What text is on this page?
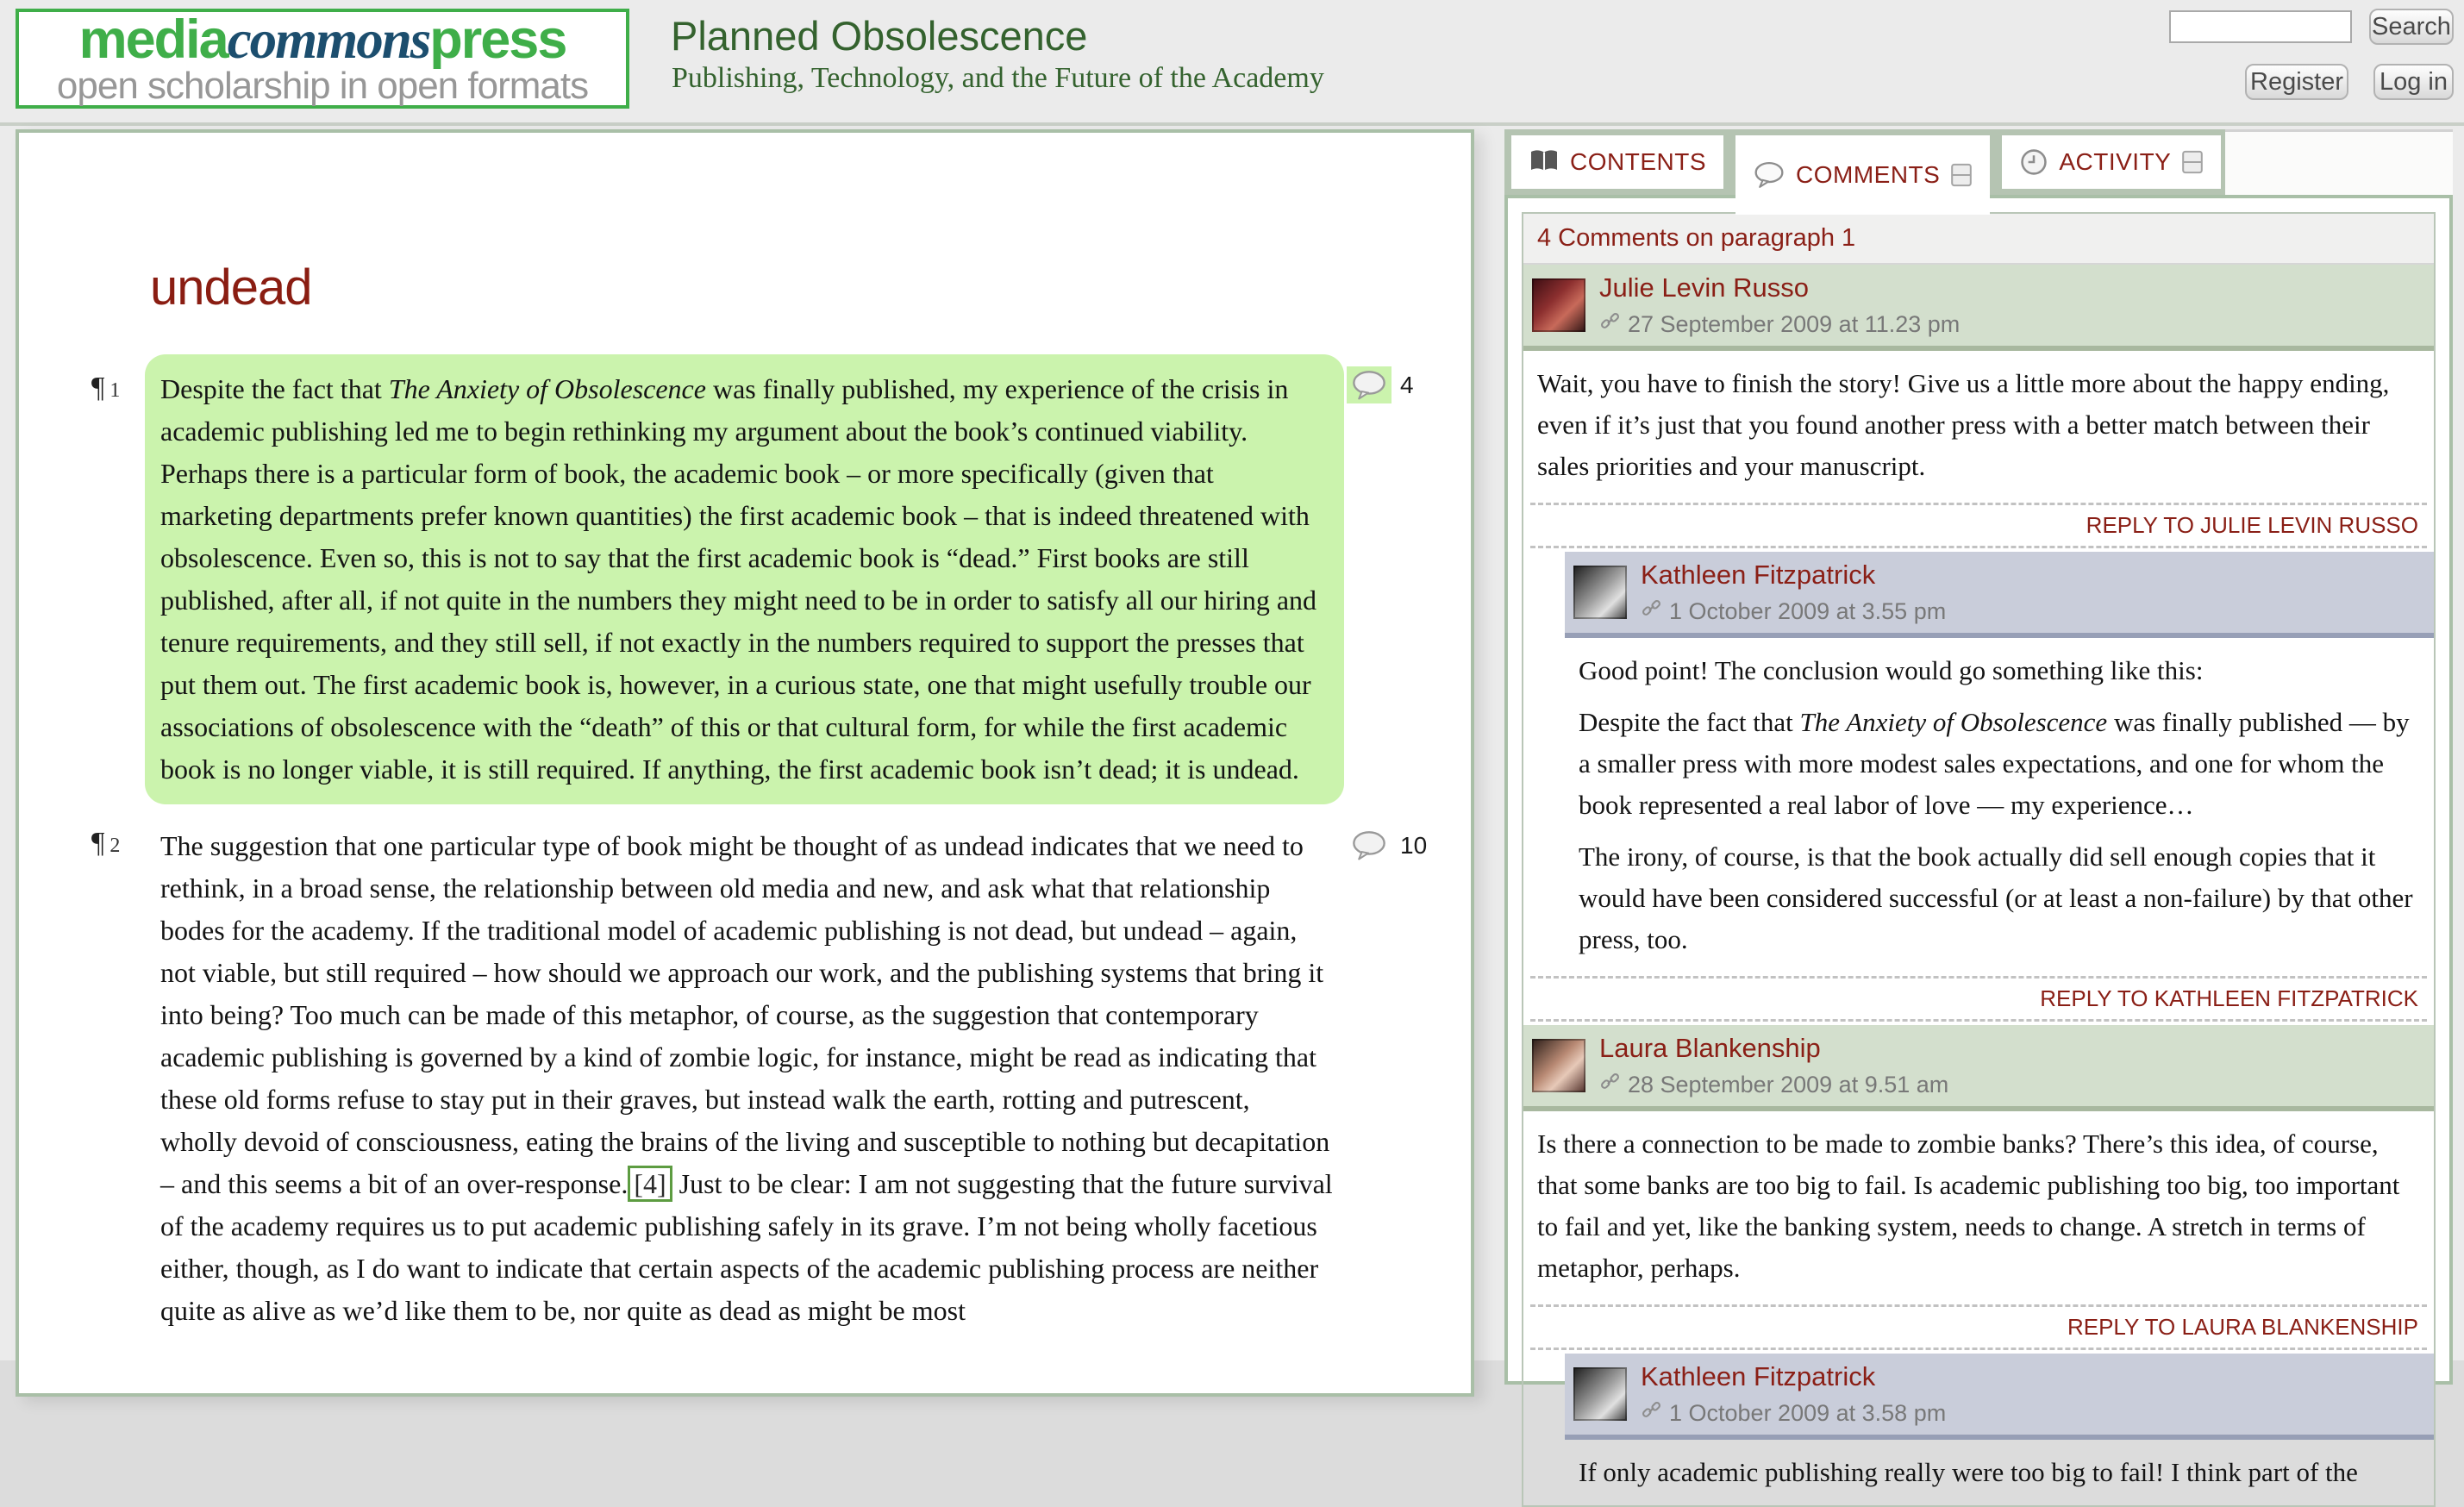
mediacommonspress
open scholarship in open formats
Planned Obsolescence
Publishing, Technology, and the Future of the Academy
Search
Register Log in
CONTENTS	COMMENTS	ACTIVITY
undead
¶ 1	Despite the fact that The Anxiety of Obsolescence was finally published, my experience of the crisis in academic publishing led me to begin rethinking my argument about the book’s continued viability. Perhaps there is a particular form of book, the academic book – or more specifically (given that marketing departments prefer known quantities) the first academic book – that is indeed threatened with obsolescence. Even so, this is not to say that the first academic book is “dead.” First books are still published, after all, if not quite in the numbers they might need to be in order to satisfy all our hiring and tenure requirements, and they still sell, if not exactly in the numbers required to support the presses that put them out. The first academic book is, however, in a curious state, one that might usefully trouble our associations of obsolescence with the “death” of this or that cultural form, for while the first academic book is no longer viable, it is still required. If anything, the first academic book isn’t dead; it is undead.
4
¶ 2 The suggestion that one particular type of book might be thought of as undead indicates that we need to rethink, in a broad sense, the relationship between old media and new, and ask what that relationship bodes for the academy. If the traditional model of academic publishing is not dead, but undead – again, not viable, but still required – how should we approach our work, and the publishing systems that bring it into being? Too much can be made of this metaphor, of course, as the suggestion that contemporary academic publishing is governed by a kind of zombie logic, for instance, might be read as indicating that these old forms refuse to stay put in their graves, but instead walk the earth, rotting and putrescent, wholly devoid of consciousness, eating the brains of the living and susceptible to nothing but decapitation – and this seems a bit of an over-response. [4] Just to be clear: I am not suggesting that the future survival of the academy requires us to put academic publishing safely in its grave. I’m not being wholly facetious either, though, as I do want to indicate that certain aspects of the academic publishing process are neither quite as alive as we’d like them to be, nor quite as dead as might be most
10
4 Comments on paragraph 1
Julie Levin Russo
27 September 2009 at 11.23 pm

Wait, you have to finish the story! Give us a little more about the happy ending, even if it’s just that you found another press with a better match between their sales priorities and your manuscript.

REPLY TO JULIE LEVIN RUSSO
Kathleen Fitzpatrick
1 October 2009 at 3.55 pm

Good point! The conclusion would go something like this:

Despite the fact that The Anxiety of Obsolescence was finally published — by a smaller press with more modest sales expectations, and one for whom the book represented a real labor of love — my experience…

The irony, of course, is that the book actually did sell enough copies that it would have been considered successful (or at least a non-failure) by that other press, too.

REPLY TO KATHLEEN FITZPATRICK
Laura Blankenship
28 September 2009 at 9.51 am

Is there a connection to be made to zombie banks? There’s this idea, of course, that some banks are too big to fail. Is academic publishing too big, too important to fail and yet, like the banking system, needs to change. A stretch in terms of metaphor, perhaps.

REPLY TO LAURA BLANKENSHIP
Kathleen Fitzpatrick
1 October 2009 at 3.58 pm

If only academic publishing really were too big to fail! I think part of the
